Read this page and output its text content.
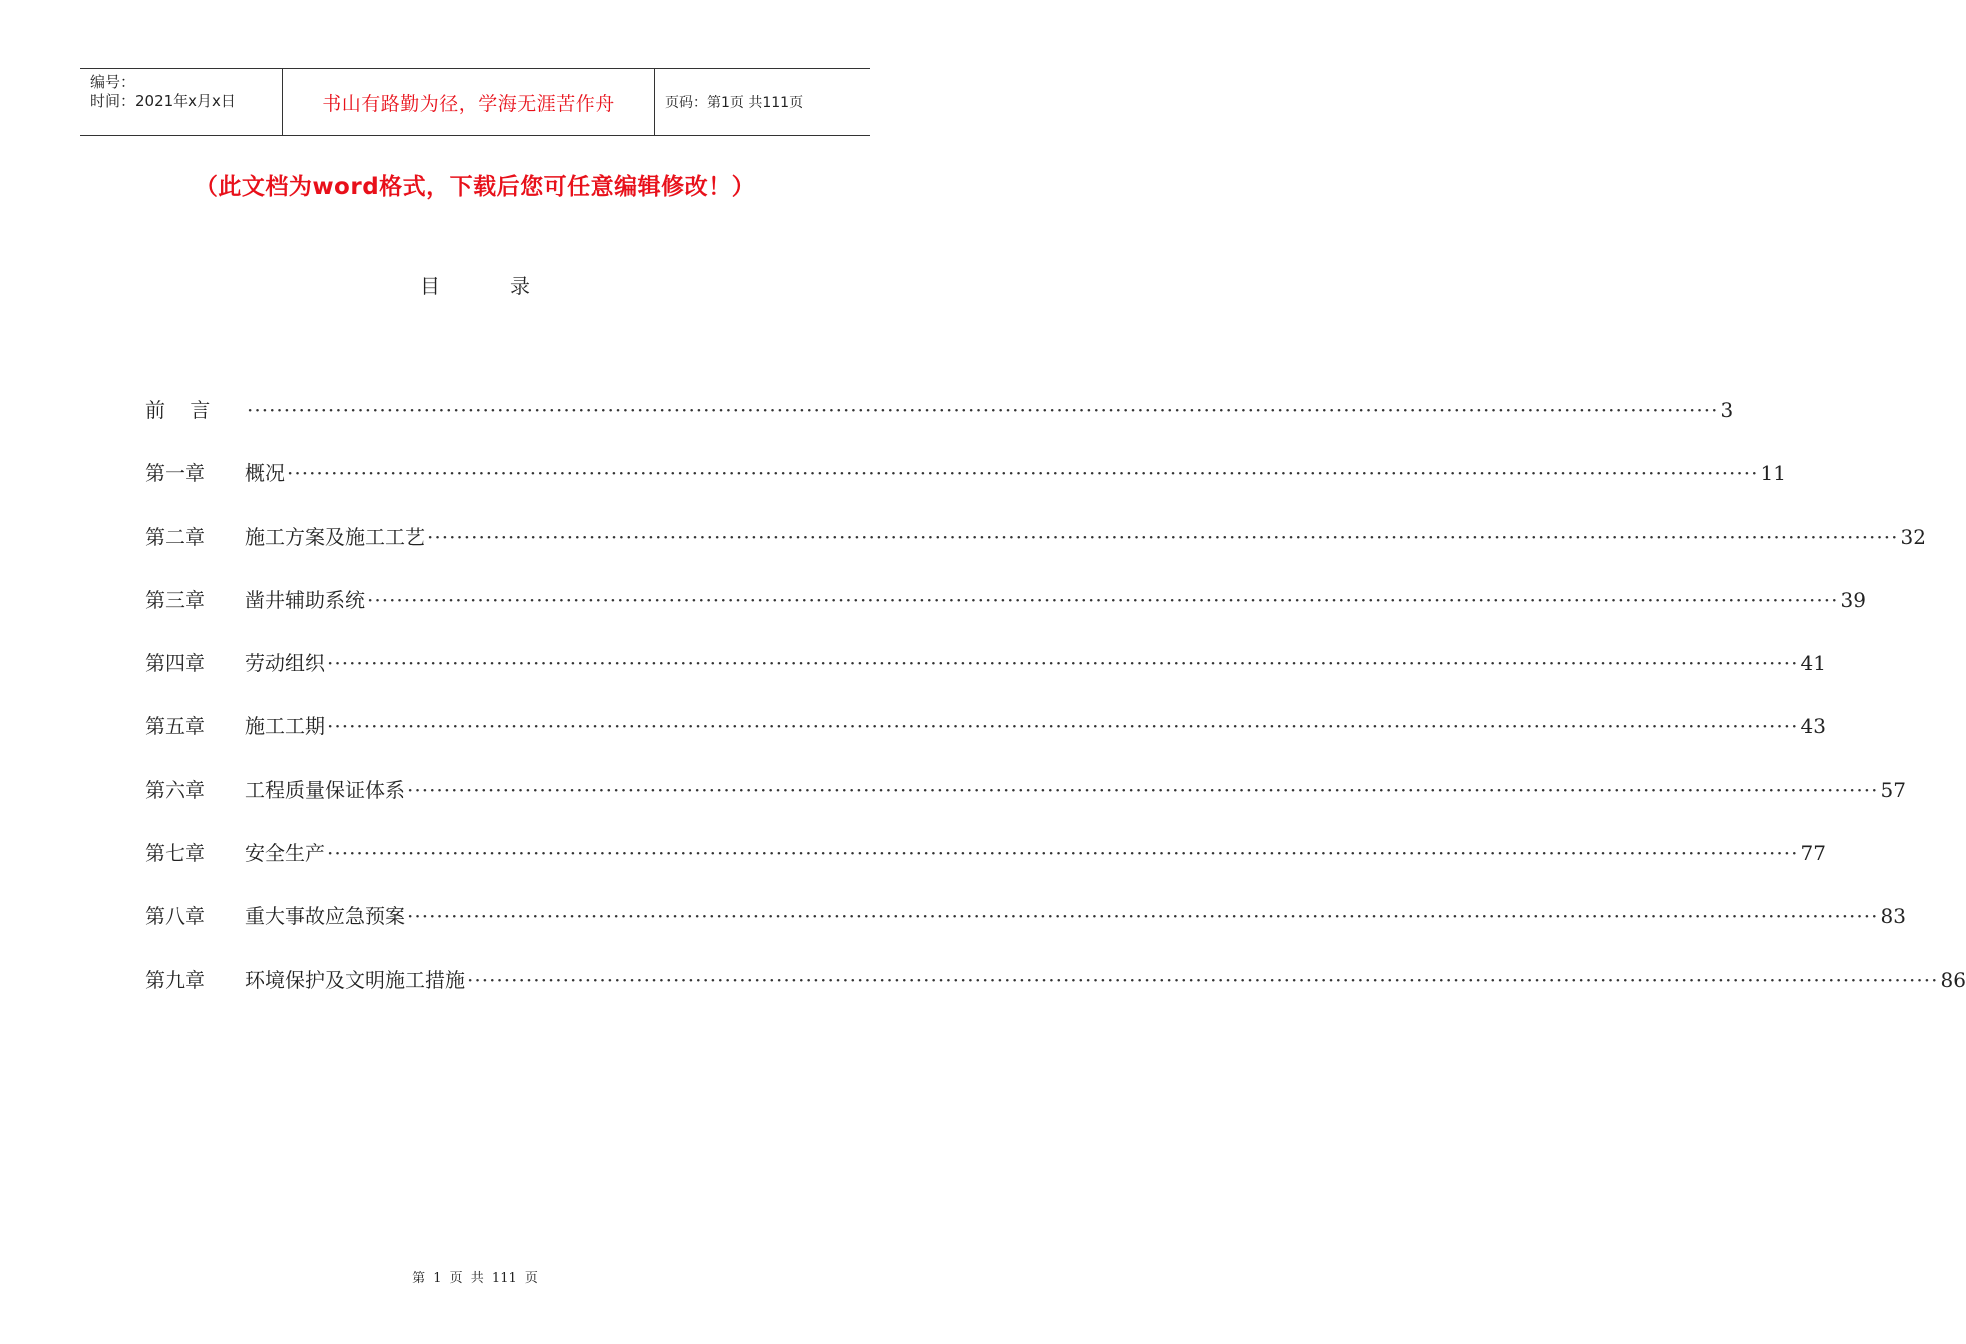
编号：
时间：2021年x月x日	书山有路勤为径，学海无涯苦作舟	页码：第1页 共111页
（此文档为word格式，下载后您可任意编辑修改！）
目	录
前    言	········································································································································································································ 3
第一章	概况 ········································································································································································································ 11
第二章	施工方案及施工工艺 ········································································································································································································ 32
第三章	凿井辅助系统 ········································································································································································································ 39
第四章	劳动组织 ········································································································································································································ 41
第五章	施工工期 ········································································································································································································ 43
第六章	工程质量保证体系 ········································································································································································································ 57
第七章	安全生产 ········································································································································································································ 77
第八章	重大事故应急预案 ········································································································································································································ 83
第九章	环境保护及文明施工措施 ········································································································································································································ 86
第 1 页 共 111 页
